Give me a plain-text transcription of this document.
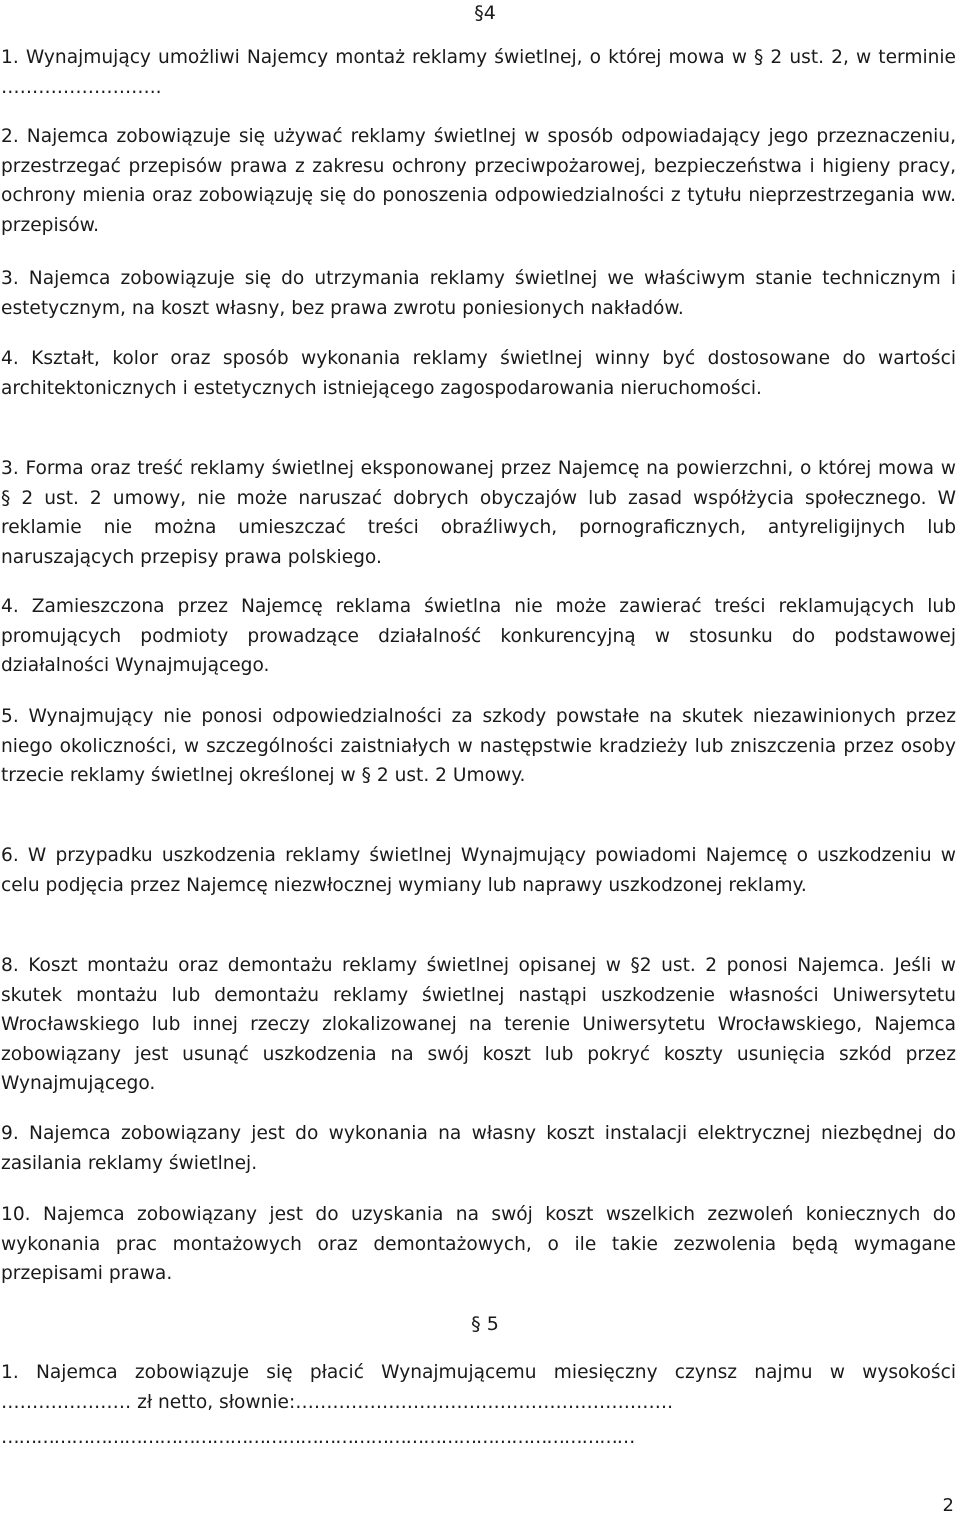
§4

1. Wynajmujący umożliwi Najemcy montaż reklamy świetlnej, o której mowa w § 2 ust. 2, w terminie ……………………..

2. Najemca zobowiązuje się używać reklamy świetlnej w sposób odpowiadający jego przeznaczeniu, przestrzegać przepisów prawa z zakresu ochrony przeciwpożarowej, bezpieczeństwa i higieny pracy, ochrony mienia oraz zobowiązuję się do ponoszenia odpowiedzialności z tytułu nieprzestrzegania ww. przepisów.

3. Najemca zobowiązuje się do utrzymania reklamy świetlnej we właściwym stanie technicznym i estetycznym, na koszt własny, bez prawa zwrotu poniesionych nakładów.

4. Kształt, kolor oraz sposób wykonania reklamy świetlnej winny być dostosowane do wartości architektonicznych i estetycznych istniejącego zagospodarowania nieruchomości.

3. Forma oraz treść reklamy świetlnej eksponowanej przez Najemcę na powierzchni, o której mowa w § 2 ust. 2 umowy, nie może naruszać dobrych obyczajów lub zasad współżycia społecznego. W reklamie nie można umieszczać treści obraźliwych, pornograficznych, antyreligijnych lub naruszających przepisy prawa polskiego.

4. Zamieszczona przez Najemcę reklama świetlna nie może zawierać treści reklamujących lub promujących podmioty prowadzące działalność konkurencyjną w stosunku do podstawowej działalności Wynajmującego.

5. Wynajmujący nie ponosi odpowiedzialności za szkody powstałe na skutek niezawinionych przez niego okoliczności, w szczególności zaistniałych w następstwie kradzieży lub zniszczenia przez osoby trzecie reklamy świetlnej określonej w § 2 ust. 2 Umowy.

6. W przypadku uszkodzenia reklamy świetlnej Wynajmujący powiadomi Najemcę o uszkodzeniu w celu podjęcia przez Najemcę niezwłocznej wymiany lub naprawy uszkodzonej reklamy.

8. Koszt montażu oraz demontażu reklamy świetlnej opisanej w §2 ust. 2 ponosi Najemca. Jeśli w skutek montażu lub demontażu reklamy świetlnej nastąpi uszkodzenie własności Uniwersytetu Wrocławskiego lub innej rzeczy zlokalizowanej na terenie Uniwersytetu Wrocławskiego, Najemca zobowiązany jest usunąć uszkodzenia na swój koszt lub pokryć koszty usunięcia szkód przez Wynajmującego.

9. Najemca zobowiązany jest do wykonania na własny koszt instalacji elektrycznej niezbędnej do zasilania reklamy świetlnej.

10. Najemca zobowiązany jest do uzyskania na swój koszt wszelkich zezwoleń koniecznych do wykonania prac montażowych oraz demontażowych, o ile takie zezwolenia będą wymagane przepisami prawa.

§ 5

1. Najemca zobowiązuje się płacić Wynajmującemu miesięczny czynsz najmu w wysokości ………………… zł netto, słownie:…………………………………………………….

………………………………………………………………………………………………
2
